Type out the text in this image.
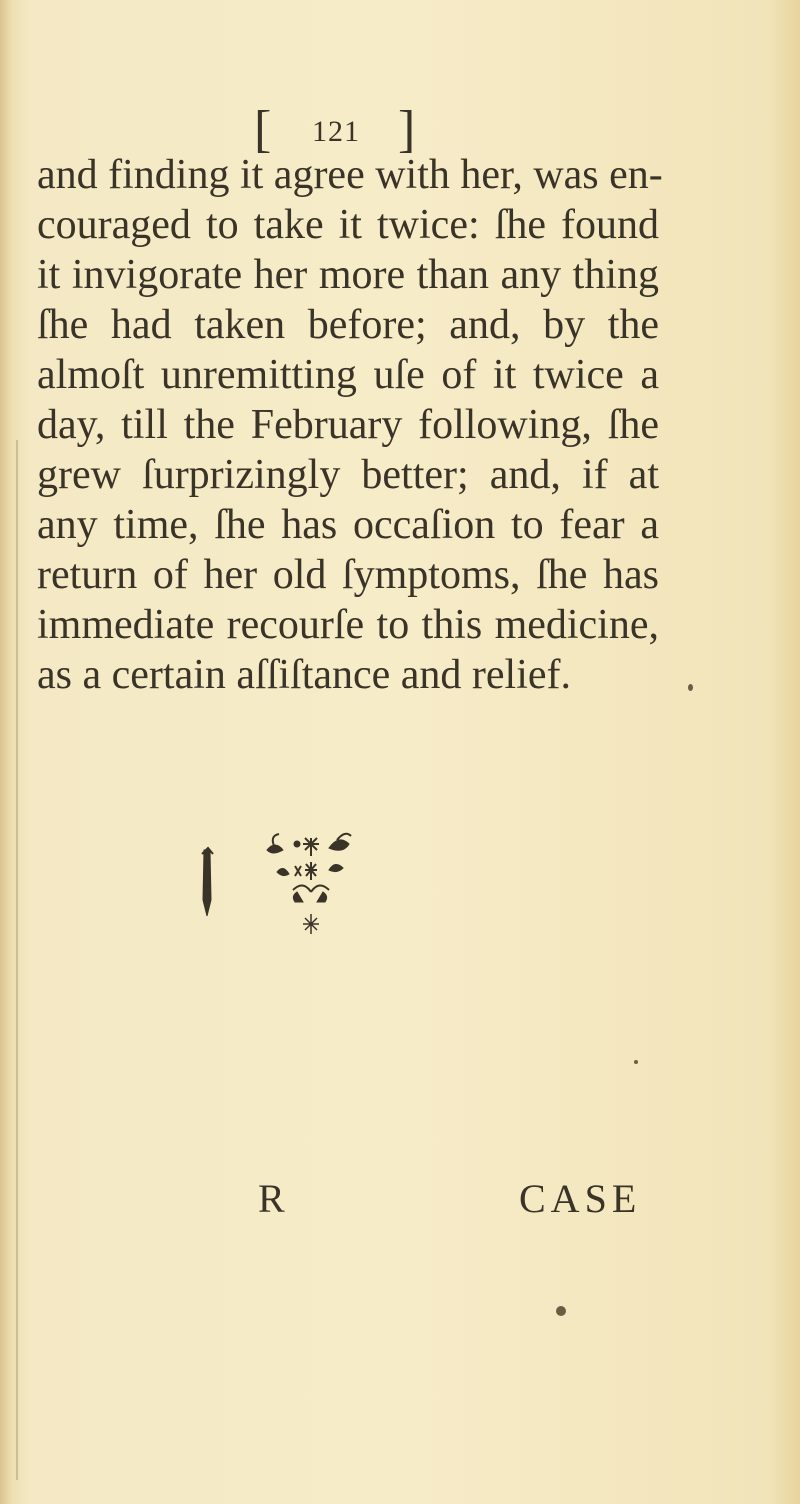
[ 121 ]
and finding it agree with her, was en-
couraged to take it twice: ſhe found
it invigorate her more than any thing
ſhe had taken before; and, by the
almoſt unremitting uſe of it twice a
day, till the February following, ſhe
grew ſurprizingly better; and, if at
any time, ſhe has occaſion to fear a
return of her old ſymptoms, ſhe has
immediate recourſe to this medicine,
as a certain aſſiſtance and relief.
R	CASE
